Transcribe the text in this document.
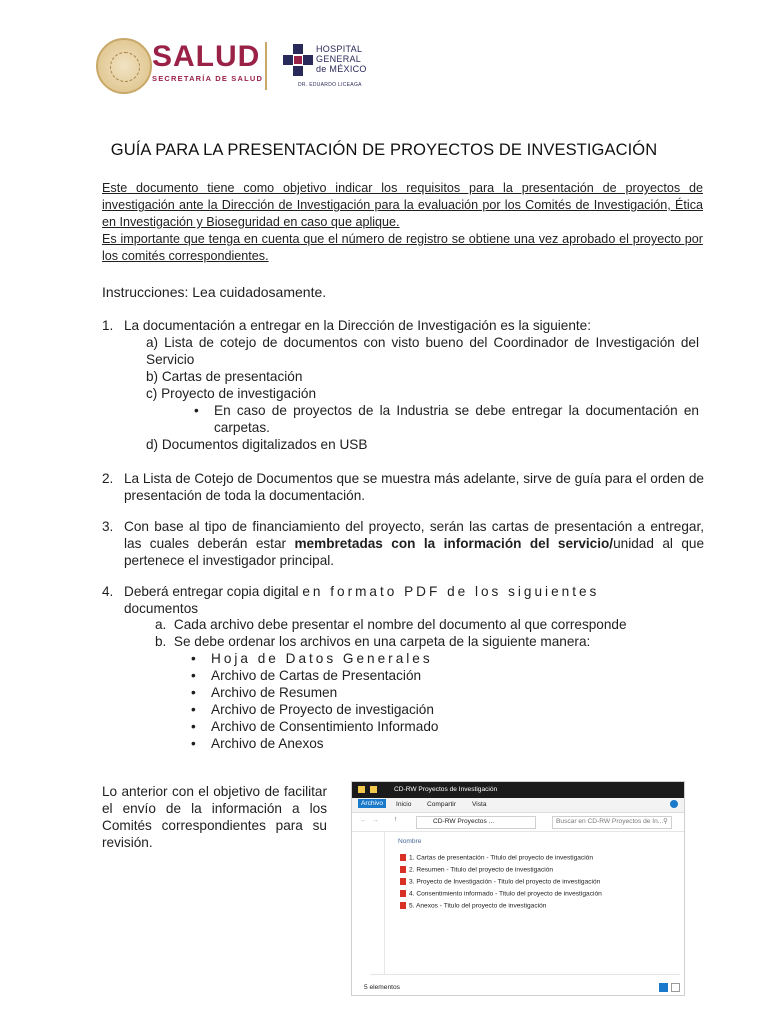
SALUD
SECRETARÍA DE SALUD
HOSPITAL
GENERAL
de MÉXICO
DR. EDUARDO LICEAGA
GUÍA PARA LA PRESENTACIÓN DE PROYECTOS DE INVESTIGACIÓN

Este documento tiene como objetivo indicar los requisitos para la presentación de proyectos de investigación ante la Dirección de Investigación para la evaluación por los Comités de Investigación, Ética en Investigación y Bioseguridad en caso que aplique.

Es importante que tenga en cuenta que el número de registro se obtiene una vez aprobado el proyecto por los comités correspondientes.

Instrucciones: Lea cuidadosamente.
1. La documentación a entregar en la Dirección de Investigación es la siguiente:
a) Lista de cotejo de documentos con visto bueno del Coordinador de Investigación del Servicio
b) Cartas de presentación
c) Proyecto de investigación
• En caso de proyectos de la Industria se debe entregar la documentación en carpetas.
d) Documentos digitalizados en USB
2. La Lista de Cotejo de Documentos que se muestra más adelante, sirve de guía para el orden de presentación de toda la documentación.
3. Con base al tipo de financiamiento del proyecto, serán las cartas de presentación a entregar, las cuales deberán estar membretadas con la información del servicio/unidad al que pertenece el investigador principal.
4. Deberá entregar copia digital en formato PDF de los siguientes
documentos
a.  Cada archivo debe presentar el nombre del documento al que corresponde
b.  Se debe ordenar los archivos en una carpeta de la siguiente manera:
• Hoja de Datos Generales
• Archivo de Cartas de Presentación
• Archivo de Resumen
• Archivo de Proyecto de investigación
• Archivo de Consentimiento Informado
• Archivo de Anexos
Lo anterior con el objetivo de facilitar el envío de la información a los Comités correspondientes para su revisión.
CD-RW Proyectos de Investigación
Archivo	Inicio Compartir Vista
← → ↑	CD-RW Proyectos ...	Buscar en CD-RW Proyectos de In... ⚲
Nombre
1. Cartas de presentación - Titulo del proyecto de investigación
2. Resumen - Titulo del proyecto de investigación
3. Proyecto de Investigación - Titulo del proyecto de investigación
4. Consentimiento informado - Titulo del proyecto de investigación
5. Anexos - Titulo del proyecto de investigación
5 elementos
